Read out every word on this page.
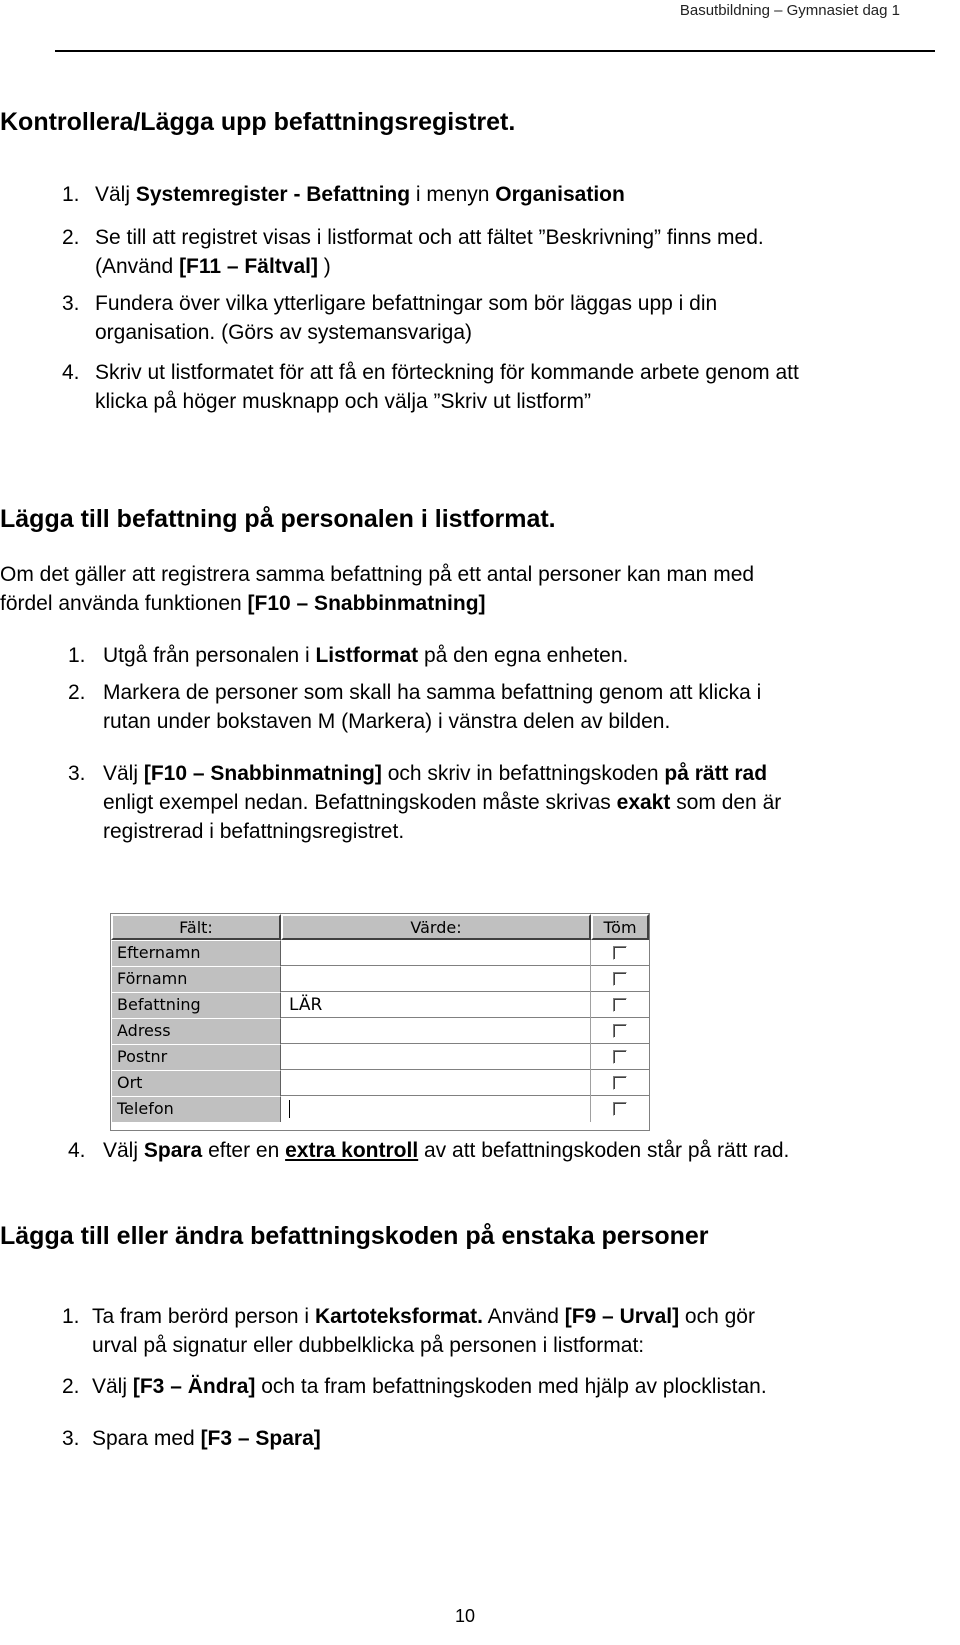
Basutbildning – Gymnasiet dag 1
Kontrollera/Lägga upp befattningsregistret.
1. Välj Systemregister - Befattning i menyn Organisation
2. Se till att registret visas i listformat och att fältet ”Beskrivning” finns med.
(Använd [F11 – Fältval] )
3. Fundera över vilka ytterligare befattningar som bör läggas upp i din
organisation. (Görs av systemansvariga)
4. Skriv ut listformatet för att få en förteckning för kommande arbete genom att
klicka på höger musknapp och välja ”Skriv ut listform”
Lägga till befattning på personalen i listformat.
Om det gäller att registrera samma befattning på ett antal personer kan man med
fördel använda funktionen [F10 – Snabbinmatning]
1. Utgå från personalen i Listformat på den egna enheten.
2. Markera de personer som skall ha samma befattning genom att klicka i
rutan under bokstaven M (Markera) i vänstra delen av bilden.
3. Välj [F10 – Snabbinmatning] och skriv in befattningskoden på rätt rad
enligt exempel nedan. Befattningskoden måste skrivas exakt som den är
registrerad i befattningsregistret.
Fält:	Värde:	Töm
Efternamn
Förnamn
Befattning	LÄR
Adress
Postnr
Ort
Telefon
4. Välj Spara efter en extra kontroll av att befattningskoden står på rätt rad.
Lägga till eller ändra befattningskoden på enstaka personer
1. Ta fram berörd person i Kartoteksformat. Använd [F9 – Urval] och gör
urval på signatur eller dubbelklicka på personen i listformat:
2. Välj [F3 – Ändra] och ta fram befattningskoden med hjälp av plocklistan.
3. Spara med [F3 – Spara]
10
